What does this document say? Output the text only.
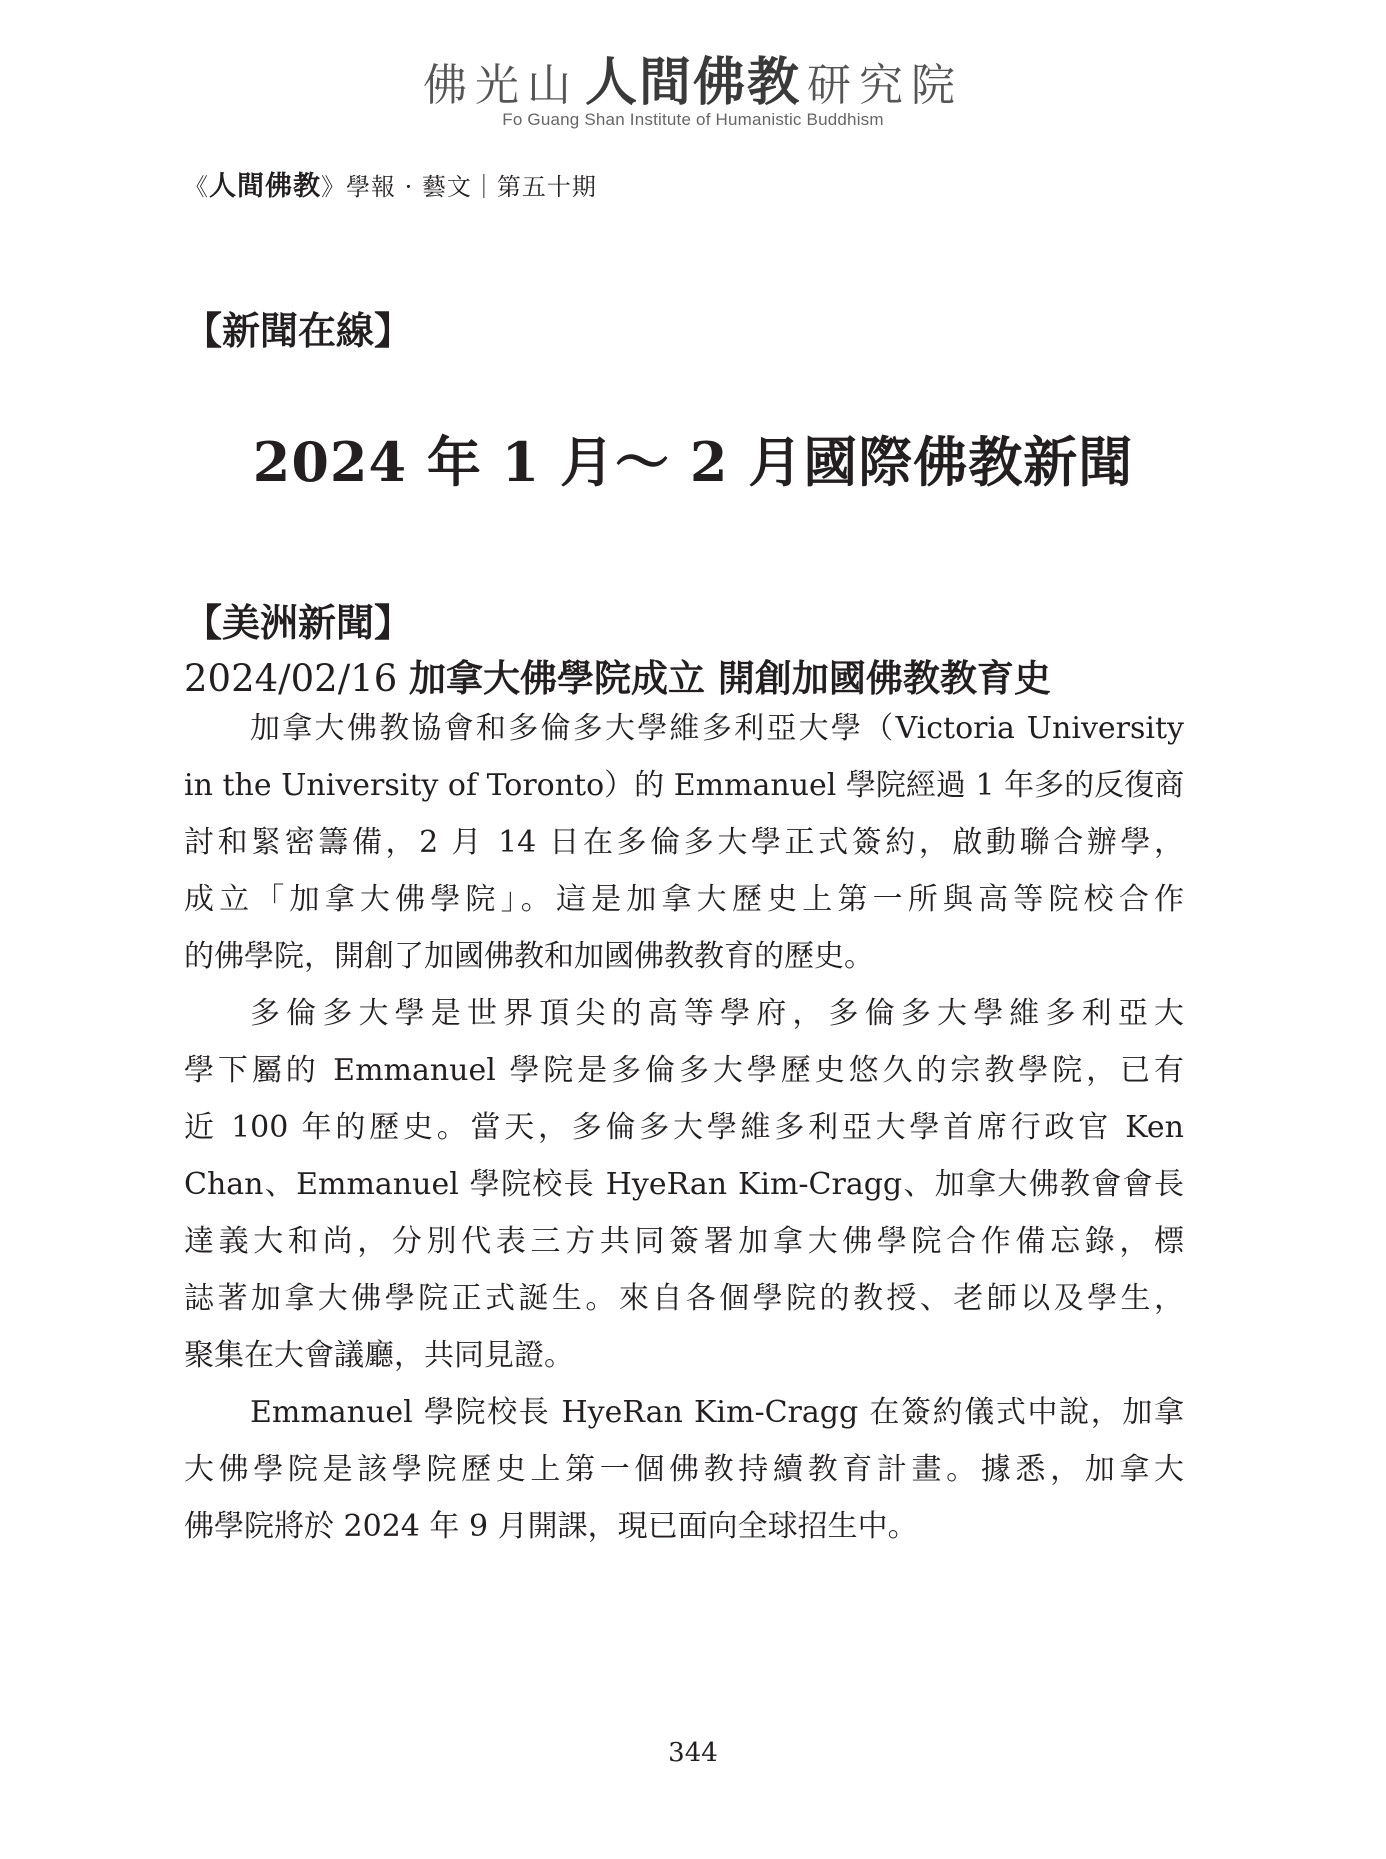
佛光山 人間佛教 研究院
Fo Guang Shan Institute of Humanistic Buddhism
《人間佛教》學報 · 藝文｜第五十期
【新聞在線】
2024 年 1 月～ 2 月國際佛教新聞
【美洲新聞】
2024/02/16 加拿大佛學院成立 開創加國佛教教育史
加拿大佛教協會和多倫多大學維多利亞大學（Victoria University
in the University of Toronto）的 Emmanuel 學院經過 1 年多的反復商
討和緊密籌備，2 月 14 日在多倫多大學正式簽約，啟動聯合辦學，
成立「加拿大佛學院」。這是加拿大歷史上第一所與高等院校合作
的佛學院，開創了加國佛教和加國佛教教育的歷史。
多倫多大學是世界頂尖的高等學府，多倫多大學維多利亞大
學下屬的 Emmanuel 學院是多倫多大學歷史悠久的宗教學院，已有
近 100 年的歷史。當天，多倫多大學維多利亞大學首席行政官 Ken
Chan、Emmanuel 學院校長 HyeRan Kim-Cragg、加拿大佛教會會長
達義大和尚，分別代表三方共同簽署加拿大佛學院合作備忘錄，標
誌著加拿大佛學院正式誕生。來自各個學院的教授、老師以及學生，
聚集在大會議廳，共同見證。
Emmanuel 學院校長 HyeRan Kim-Cragg 在簽約儀式中說，加拿
大佛學院是該學院歷史上第一個佛教持續教育計畫。據悉，加拿大
佛學院將於 2024 年 9 月開課，現已面向全球招生中。
344
